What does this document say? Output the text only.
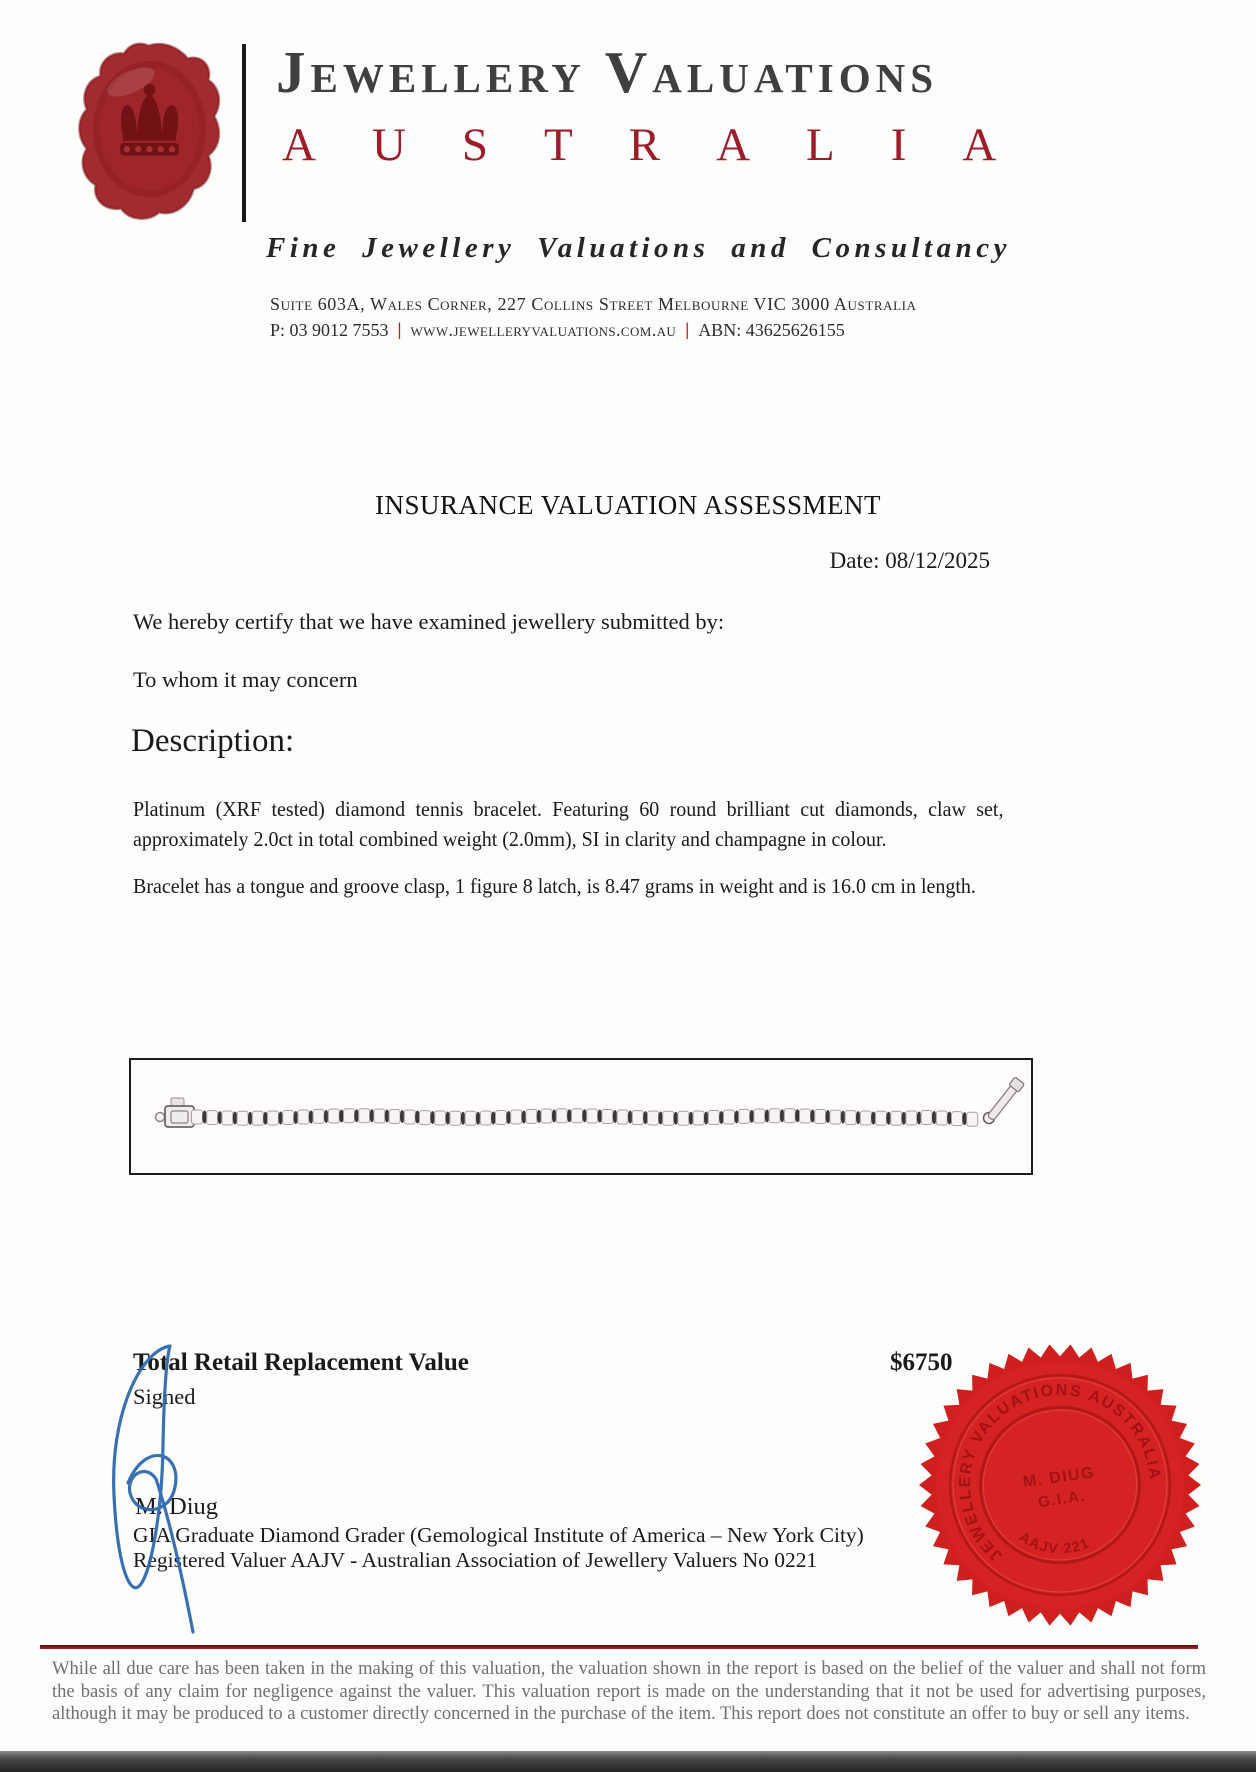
Jewellery Valuations
AUSTRALIA
Fine Jewellery Valuations and Consultancy
Suite 603A, Wales Corner, 227 Collins Street Melbourne VIC 3000 Australia
P: 03 9012 7553 | www.jewelleryvaluations.com.au | ABN: 43625626155
INSURANCE VALUATION ASSESSMENT
Date: 08/12/2025
We hereby certify that we have examined jewellery submitted by:
To whom it may concern
Description:
Platinum (XRF tested) diamond tennis bracelet. Featuring 60 round brilliant cut diamonds, claw set, approximately 2.0ct in total combined weight (2.0mm), SI in clarity and champagne in colour.
Bracelet has a tongue and groove clasp, 1 figure 8 latch, is 8.47 grams in weight and is 16.0 cm in length.
Total Retail Replacement Value	$6750
Signed
M. Diug
GIA Graduate Diamond Grader (Gemological Institute of America – New York City)
Registered Valuer AAJV - Australian Association of Jewellery Valuers No 0221	JEWELLERY VALUATIONS AUSTRALIA
M. DIUG
G.I.A.
AAJV 221
While all due care has been taken in the making of this valuation, the valuation shown in the report is based on the belief of the valuer and shall not form the basis of any claim for negligence against the valuer. This valuation report is made on the understanding that it not be used for advertising purposes, although it may be produced to a customer directly concerned in the purchase of the item. This report does not constitute an offer to buy or sell any items.
